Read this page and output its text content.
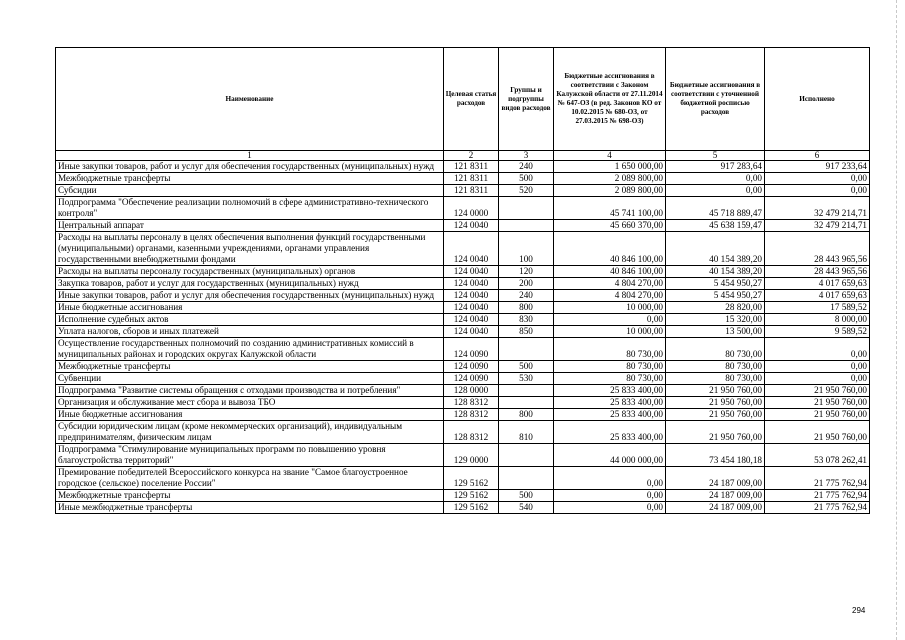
Наименование	Целевая статья расходов	Группы и подгруппы видов расходов	Бюджетные ассигнования в соответствии с Законом Калужской области от 27.11.2014 № 647-ОЗ (в ред. Законов КО от 10.02.2015 № 680-ОЗ, от 27.03.2015 № 698-ОЗ)	Бюджетные ассигнования в соответствии с уточненной бюджетной росписью расходов	Исполнено
1	2	3	4	5	6
Иные закупки товаров, работ и услуг для обеспечения государственных (муниципальных) нужд	121 8311	240	1 650 000,00	917 283,64	917 233,64
Межбюджетные трансферты	121 8311	500	2 089 800,00	0,00	0,00
Субсидии	121 8311	520	2 089 800,00	0,00	0,00
Подпрограмма "Обеспечение реализации полномочий в сфере административно-технического контроля"	124 0000		45 741 100,00	45 718 889,47	32 479 214,71
Центральный аппарат	124 0040		45 660 370,00	45 638 159,47	32 479 214,71
Расходы на выплаты персоналу в целях обеспечения выполнения функций государственными (муниципальными) органами, казенными учреждениями, органами управления государственными внебюджетными фондами	124 0040	100	40 846 100,00	40 154 389,20	28 443 965,56
Расходы на выплаты персоналу государственных (муниципальных) органов	124 0040	120	40 846 100,00	40 154 389,20	28 443 965,56
Закупка товаров, работ и услуг для государственных (муниципальных) нужд	124 0040	200	4 804 270,00	5 454 950,27	4 017 659,63
Иные закупки товаров, работ и услуг для обеспечения государственных (муниципальных) нужд	124 0040	240	4 804 270,00	5 454 950,27	4 017 659,63
Иные бюджетные ассигнования	124 0040	800	10 000,00	28 820,00	17 589,52
Исполнение судебных актов	124 0040	830	0,00	15 320,00	8 000,00
Уплата налогов, сборов и иных платежей	124 0040	850	10 000,00	13 500,00	9 589,52
Осуществление государственных полномочий по созданию административных комиссий в муниципальных районах и городских округах Калужской области	124 0090		80 730,00	80 730,00	0,00
Межбюджетные трансферты	124 0090	500	80 730,00	80 730,00	0,00
Субвенции	124 0090	530	80 730,00	80 730,00	0,00
Подпрограмма "Развитие системы обращения с отходами производства и потребления"	128 0000		25 833 400,00	21 950 760,00	21 950 760,00
Организация и обслуживание мест сбора и вывоза ТБО	128 8312		25 833 400,00	21 950 760,00	21 950 760,00
Иные бюджетные ассигнования	128 8312	800	25 833 400,00	21 950 760,00	21 950 760,00
Субсидии юридическим лицам (кроме некоммерческих организаций), индивидуальным предпринимателям, физическим лицам	128 8312	810	25 833 400,00	21 950 760,00	21 950 760,00
Подпрограмма "Стимулирование муниципальных программ по повышению уровня благоустройства территорий"	129 0000		44 000 000,00	73 454 180,18	53 078 262,41
Премирование победителей Всероссийского конкурса на звание "Самое благоустроенное городское (сельское) поселение России"	129 5162		0,00	24 187 009,00	21 775 762,94
Межбюджетные трансферты	129 5162	500	0,00	24 187 009,00	21 775 762,94
Иные межбюджетные трансферты	129 5162	540	0,00	24 187 009,00	21 775 762,94
294
